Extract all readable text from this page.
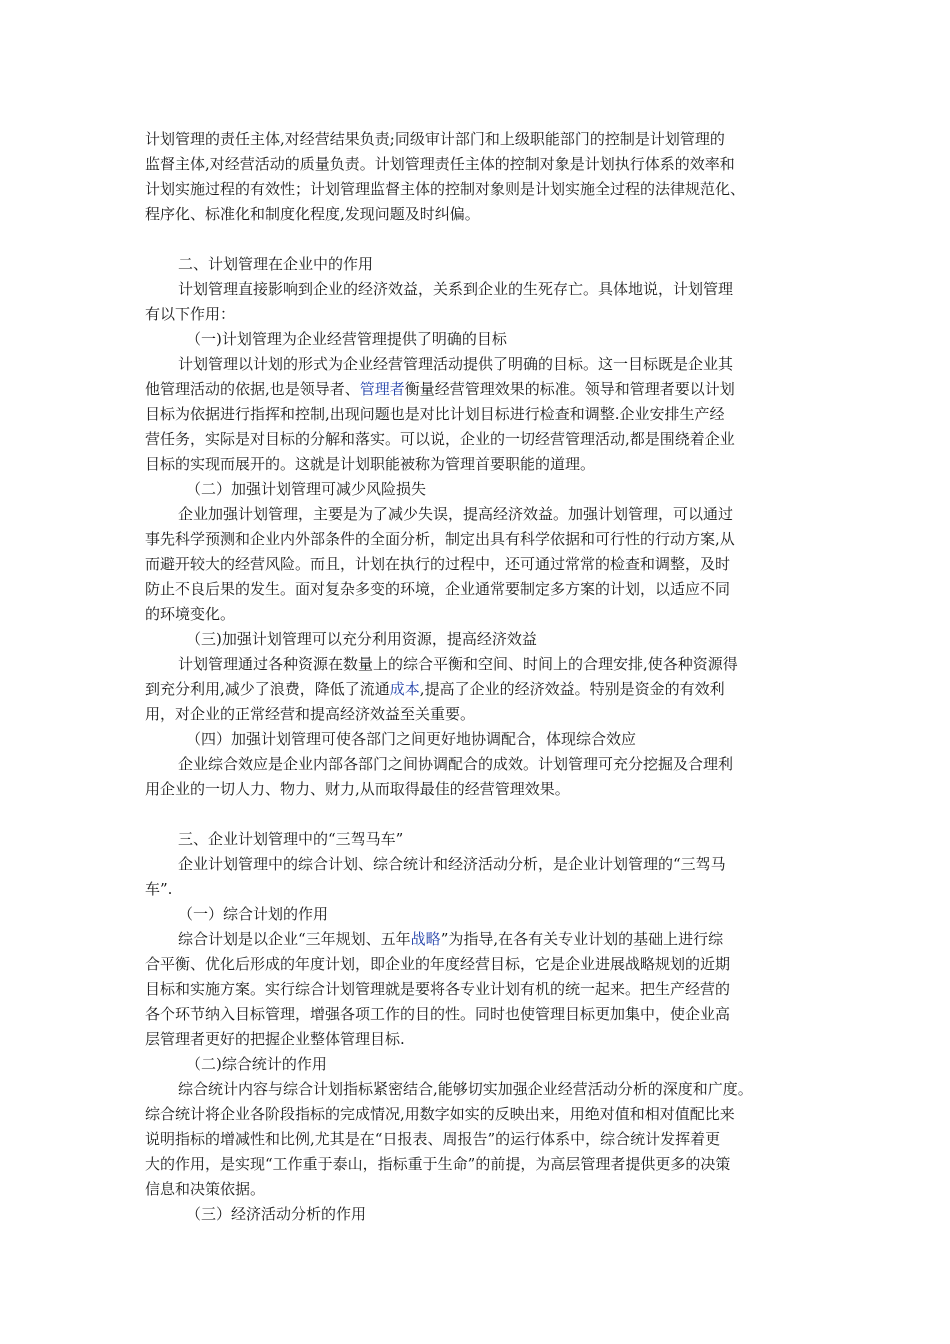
计划管理的责任主体,对经营结果负责;同级审计部门和上级职能部门的控制是计划管理的
监督主体,对经营活动的质量负责。计划管理责任主体的控制对象是计划执行体系的效率和
计划实施过程的有效性；计划管理监督主体的控制对象则是计划实施全过程的法律规范化、
程序化、标准化和制度化程度,发现问题及时纠偏。
二、计划管理在企业中的作用
计划管理直接影响到企业的经济效益，关系到企业的生死存亡。具体地说，计划管理
有以下作用：
（一)计划管理为企业经营管理提供了明确的目标
计划管理以计划的形式为企业经营管理活动提供了明确的目标。这一目标既是企业其
他管理活动的依据,也是领导者、管理者衡量经营管理效果的标准。领导和管理者要以计划
目标为依据进行指挥和控制,出现问题也是对比计划目标进行检查和调整.企业安排生产经
营任务，实际是对目标的分解和落实。可以说，企业的一切经营管理活动,都是围绕着企业
目标的实现而展开的。这就是计划职能被称为管理首要职能的道理。
（二）加强计划管理可减少风险损失
企业加强计划管理，主要是为了减少失误，提高经济效益。加强计划管理，可以通过
事先科学预测和企业内外部条件的全面分析，制定出具有科学依据和可行性的行动方案,从
而避开较大的经营风险。而且，计划在执行的过程中，还可通过常常的检查和调整，及时
防止不良后果的发生。面对复杂多变的环境，企业通常要制定多方案的计划，以适应不同
的环境变化。
（三)加强计划管理可以充分利用资源，提高经济效益
计划管理通过各种资源在数量上的综合平衡和空间、时间上的合理安排,使各种资源得
到充分利用,减少了浪费，降低了流通成本,提高了企业的经济效益。特别是资金的有效利
用，对企业的正常经营和提高经济效益至关重要。
（四）加强计划管理可使各部门之间更好地协调配合，体现综合效应
企业综合效应是企业内部各部门之间协调配合的成效。计划管理可充分挖掘及合理利
用企业的一切人力、物力、财力,从而取得最佳的经营管理效果。
三、企业计划管理中的“三驾马车”
企业计划管理中的综合计划、综合统计和经济活动分析，是企业计划管理的“三驾马
车”.
（一）综合计划的作用
综合计划是以企业“三年规划、五年战略”为指导,在各有关专业计划的基础上进行综
合平衡、优化后形成的年度计划，即企业的年度经营目标，它是企业进展战略规划的近期
目标和实施方案。实行综合计划管理就是要将各专业计划有机的统一起来。把生产经营的
各个环节纳入目标管理，增强各项工作的目的性。同时也使管理目标更加集中，使企业高
层管理者更好的把握企业整体管理目标.
（二)综合统计的作用
综合统计内容与综合计划指标紧密结合,能够切实加强企业经营活动分析的深度和广度。
综合统计将企业各阶段指标的完成情况,用数字如实的反映出来，用绝对值和相对值配比来
说明指标的增减性和比例,尤其是在“日报表、周报告”的运行体系中，综合统计发挥着更
大的作用，是实现“工作重于泰山，指标重于生命”的前提，为高层管理者提供更多的决策
信息和决策依据。
（三）经济活动分析的作用
